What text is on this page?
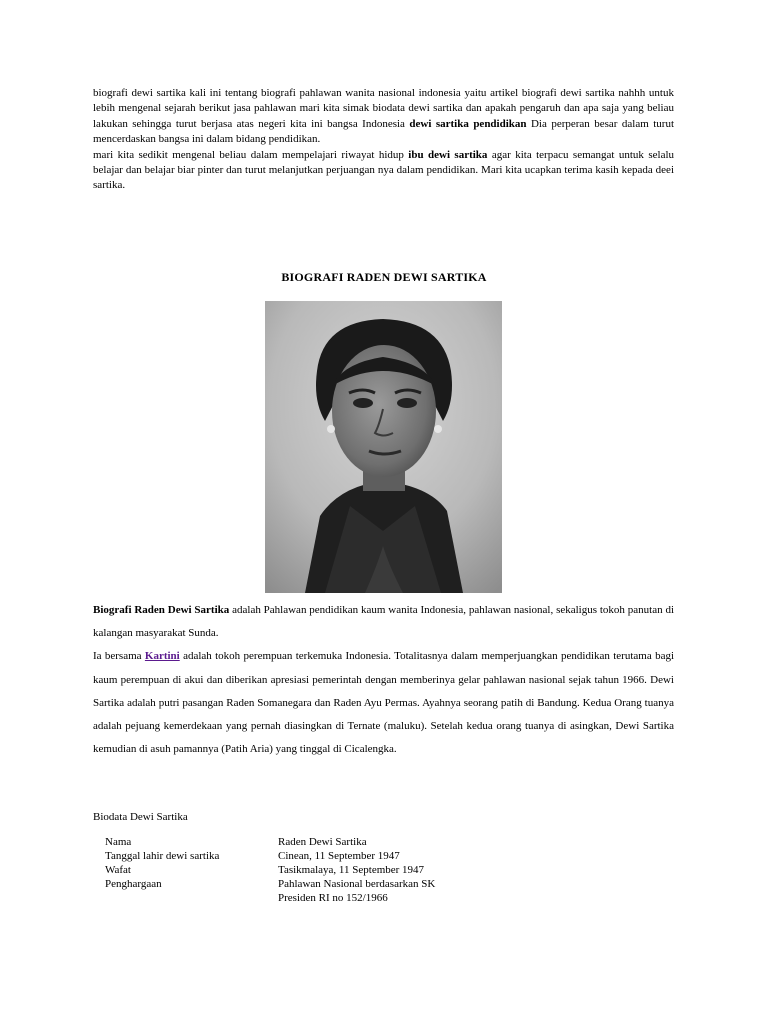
biografi dewi sartika kali ini tentang biografi pahlawan wanita nasional indonesia yaitu artikel biografi dewi sartika nahhh untuk lebih mengenal sejarah berikut jasa pahlawan mari kita simak biodata dewi sartika dan apakah pengaruh dan apa saja yang beliau lakukan sehingga turut berjasa atas negeri kita ini bangsa Indonesia dewi sartika pendidikan Dia perperan besar dalam turut mencerdaskan bangsa ini dalam bidang pendidikan.
mari kita sedikit mengenal beliau dalam mempelajari riwayat hidup ibu dewi sartika agar kita terpacu semangat untuk selalu belajar dan belajar biar pinter dan turut melanjutkan perjuangan nya dalam pendidikan. Mari kita ucapkan terima kasih kepada deei sartika.

BIOGRAFI RADEN DEWI SARTIKA

Biografi Raden Dewi Sartika adalah Pahlawan pendidikan kaum wanita Indonesia, pahlawan nasional, sekaligus tokoh panutan di kalangan masyarakat Sunda.
Ia bersama Kartini adalah tokoh perempuan terkemuka Indonesia. Totalitasnya dalam memperjuangkan pendidikan terutama bagi kaum perempuan di akui dan diberikan apresiasi pemerintah dengan memberinya gelar pahlawan nasional sejak tahun 1966. Dewi Sartika adalah putri pasangan Raden Somanegara dan Raden Ayu Permas. Ayahnya seorang patih di Bandung. Kedua Orang tuanya adalah pejuang kemerdekaan yang pernah diasingkan di Ternate (maluku). Setelah kedua orang tuanya di asingkan, Dewi Sartika kemudian di asuh pamannya (Patih Aria) yang tinggal di Cicalengka.

Biodata Dewi Sartika
Nama	Raden Dewi Sartika
Tanggal lahir dewi sartika	Cinean, 11 September 1947
Wafat	Tasikmalaya, 11 September 1947
Penghargaan	Pahlawan Nasional berdasarkan SK
	Presiden RI no 152/1966
